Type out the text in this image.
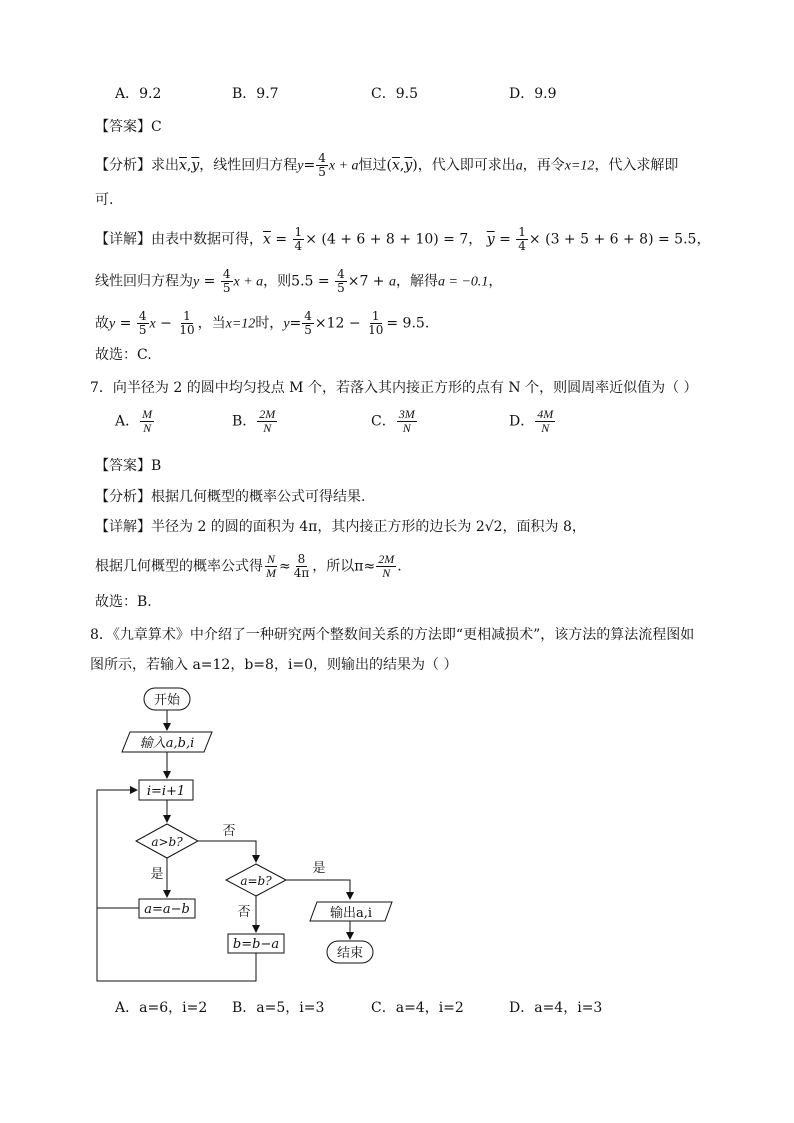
A．9.2	B．9.7	C．9.5	D．9.9
【答案】C
【分析】求出$\overline{x},\overline{y}$，线性回归方程$y= \frac{4}{5}$ x + a恒过$(\overline{x},\overline{y})$，代入即可求出a，再令x=12，代入求解即
可.
【详解】由表中数据可得，$\overline{x} = \frac{1}{4} \times (4 + 6 + 8 + 10) = 7$， $\overline{y} = \frac{1}{4} \times (3 + 5 + 6 + 8) = 5.5$，
线性回归方程为$y = \frac{4}{5}$ x + a，则$5.5 = \frac{4}{5} \times 7 + a$，解得a = −0.1，
故$y = \frac{4}{5}$ $x - \frac{1}{10}$ ，当x=12时，$y= \frac{4}{5} \times 12 - \frac{1}{10} = 9.5$.
故选：C.
7．向半径为 2 的圆中均匀投点 M 个，若落入其内接正方形的点有 N 个，则圆周率近似值为（ ）
A． $\frac{M}{N}$	B． $\frac{2M}{N}$	C． $\frac{3M}{N}$	D． $\frac{4M}{N}$
【答案】B
【分析】根据几何概型的概率公式可得结果.
【详解】半径为 2 的圆的面积为 4π，其内接正方形的边长为 2√2，面积为 8，
根据几何概型的概率公式得 $\frac{N}{M} \approx \frac{8}{4\pi}$ ，所以$\pi\approx \frac{2M}{N}$ .
故选：B.
8．《九章算术》中介绍了一种研究两个整数间关系的方法即“更相减损术”，该方法的算法流程图如
图所示，若输入 a=12，b=8，i=0，则输出的结果为（ ）
开始
输入a,b,i
i=i+1
a>b?
否
是
a=a−b
a=b?
是
否	输出a,i
b=b−a
结束
A．a=6，i=2 B．a=5，i=3	C．a=4，i=2	D．a=4，i=3
